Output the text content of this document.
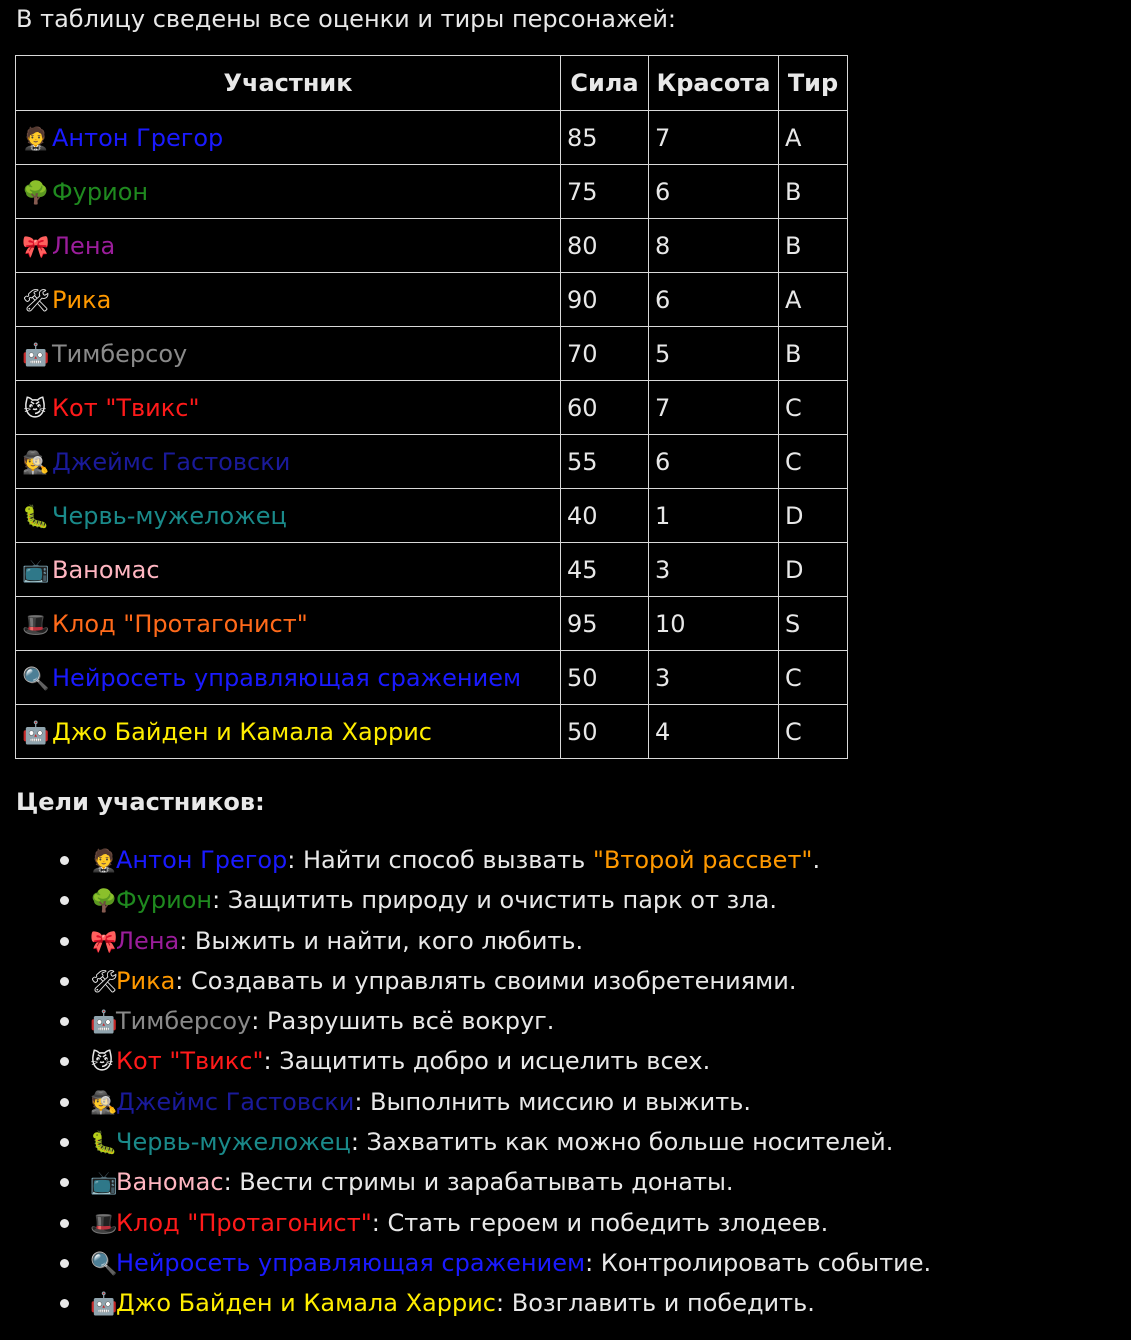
В таблицу сведены все оценки и тиры персонажей:
Участник	Сила	Красота	Тир
🤵 Антон Грегор	85	7	A
🌳 Фурион	75	6	B
🎀 Лена	80	8	B
🛠Рика	90	6	A
🤖 Тимберсоу	70	5	B
😼 Кот "Твикс"	60	7	C
🕵 Джеймс Гастовски	55	6	C
🐛 Червь-мужеложец	40	1	D
📺 Ваномас	45	3	D
🎩 Клод "Протагонист"	95	10	S
🔍 Нейросеть управляющая сражением	50	3	C
🤖 Джо Байден и Камала Харрис	50	4	C
Цели участников:
🤵Антон Грегор: Найти способ вызвать "Второй рассвет".
🌳Фурион: Защитить природу и очистить парк от зла.
🎀Лена: Выжить и найти, кого любить.
🛠Рика: Создавать и управлять своими изобретениями.
🤖Тимберсоу: Разрушить всё вокруг.
😼 Кот "Твикс": Защитить добро и исцелить всех.
🕵Джеймс Гастовски: Выполнить миссию и выжить.
🐛Червь-мужеложец: Захватить как можно больше носителей.
📺Ваномас: Вести стримы и зарабатывать донаты.
🎩Клод "Протагонист": Стать героем и победить злодеев.
🔍Нейросеть управляющая сражением: Контролировать событие.
🤖Джо Байден и Камала Харрис: Возглавить и победить.
